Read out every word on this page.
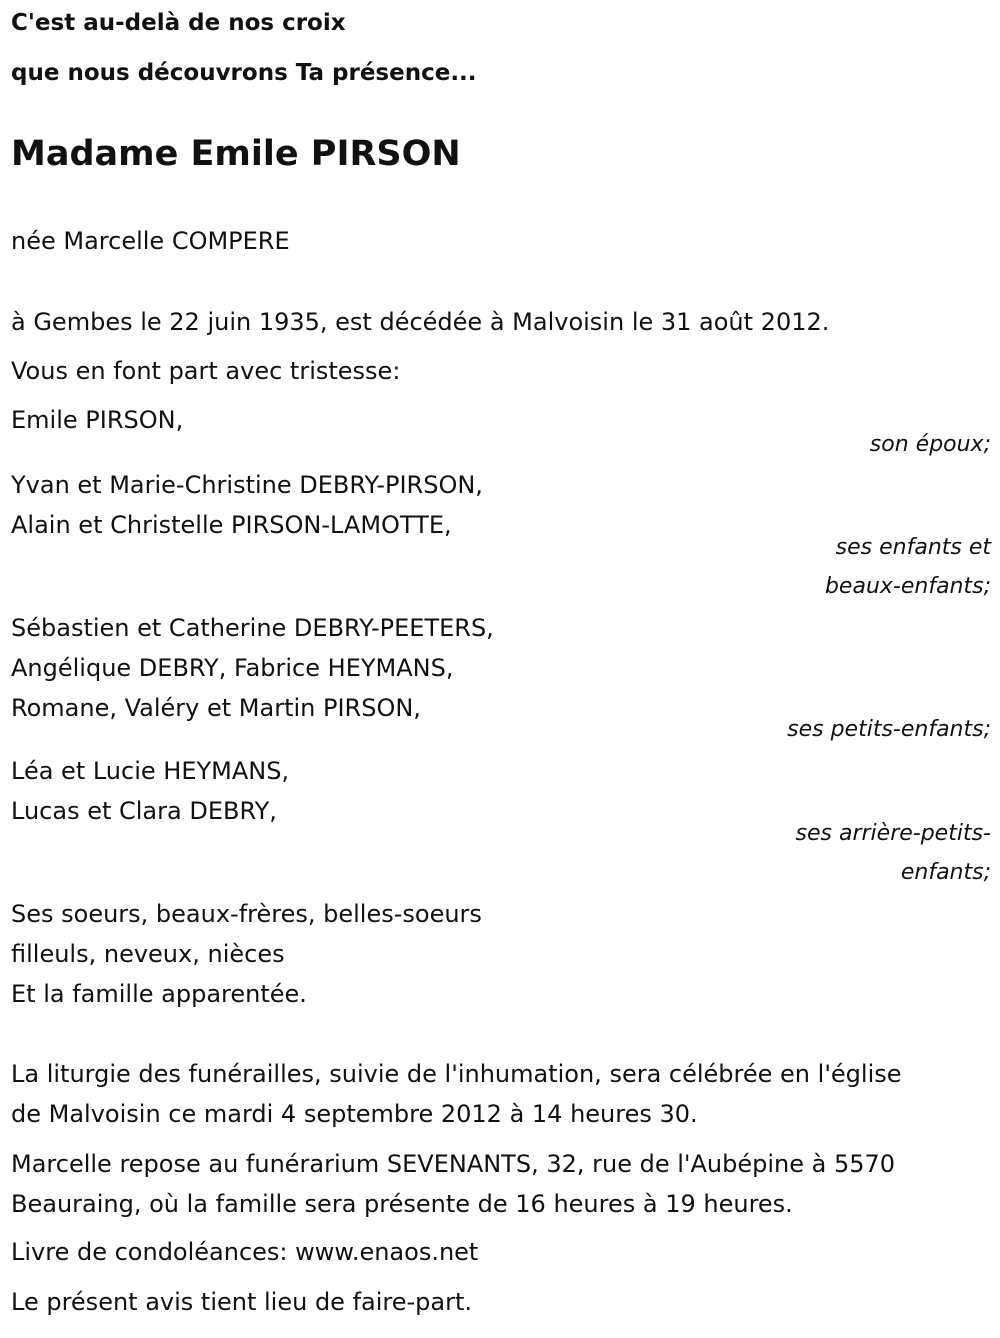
C'est au-delà de nos croix
que nous découvrons Ta présence...
Madame Emile PIRSON
née Marcelle COMPERE
à Gembes le 22 juin 1935, est décédée à Malvoisin le 31 août 2012.
Vous en font part avec tristesse:
Emile PIRSON,
son époux;
Yvan et Marie-Christine DEBRY-PIRSON,
Alain et Christelle PIRSON-LAMOTTE,
ses enfants et
beaux-enfants;
Sébastien et Catherine DEBRY-PEETERS,
Angélique DEBRY, Fabrice HEYMANS,
Romane, Valéry et Martin PIRSON,
ses petits-enfants;
Léa et Lucie HEYMANS,
Lucas et Clara DEBRY,
ses arrière-petits-
enfants;
Ses soeurs, beaux-frères, belles-soeurs
filleuls, neveux, nièces
Et la famille apparentée.
La liturgie des funérailles, suivie de l'inhumation, sera célébrée en l'église
de Malvoisin ce mardi 4 septembre 2012 à 14 heures 30.
Marcelle repose au funérarium SEVENANTS, 32, rue de l'Aubépine à 5570
Beauraing, où la famille sera présente de 16 heures à 19 heures.
Livre de condoléances: www.enaos.net
Le présent avis tient lieu de faire-part.
